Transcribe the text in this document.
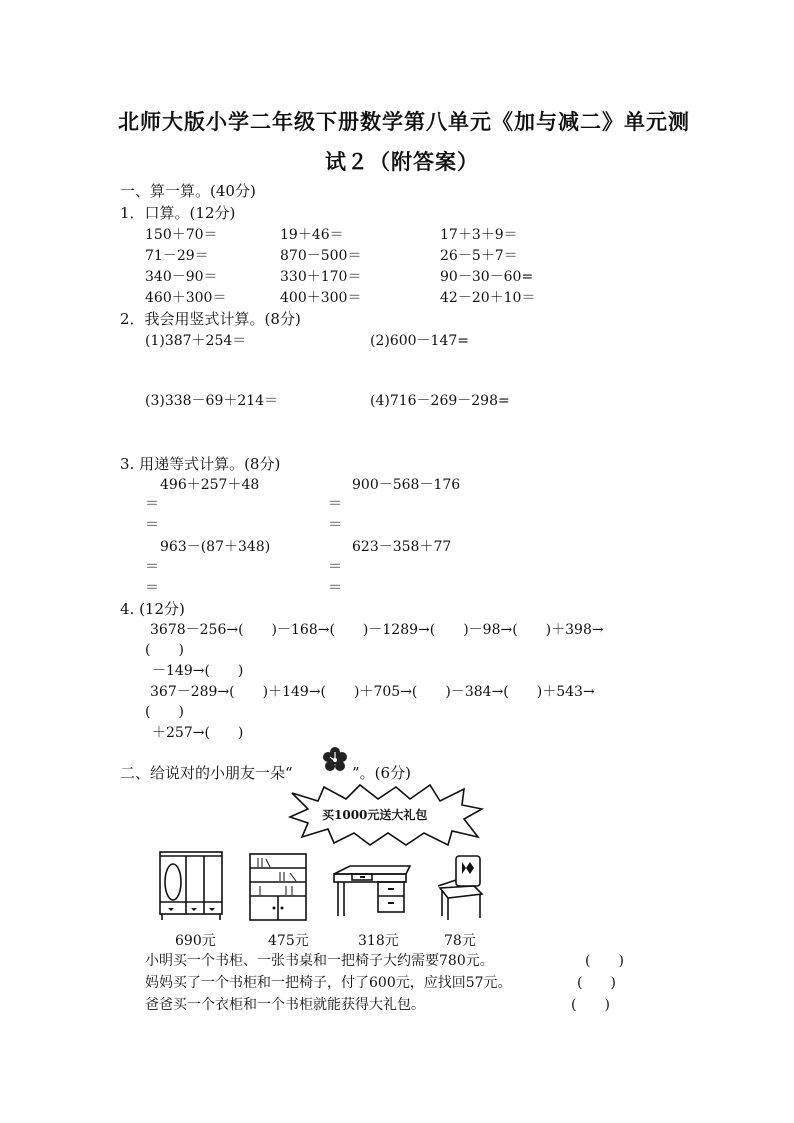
北师大版小学二年级下册数学第八单元《加与减二》单元测
试２（附答案）
一、算一算。(40分)
1．口算。(12分)
150＋70＝	19＋46＝	17＋3＋9＝
71－29＝	870－500＝	26－5＋7＝
340－90＝	330＋170＝	90－30－60=
460＋300＝	400＋300＝	42－20＋10＝
2．我会用竖式计算。(8分)
(1)387＋254＝	(2)600－147=
(3)338－69＋214＝	(4)716－269－298=
3. 用递等式计算。(8分)
496＋257＋48	900－568－176
＝	＝
＝	＝
963－(87＋348)	623－358＋77
＝	＝
＝	＝
4. (12分)
3678－256→(　　)－168→(　　)－1289→(　　)－98→(　　)＋398→
(　　)
－149→(　　)
367－289→(　　)＋149→(　　)＋705→(　　)－384→(　　)＋543→
(　　)
＋257→(　　)
二、给说对的小朋友一朵“	”。(6分)
买1000元送大礼包
690元	475元	318元	78元
小明买一个书柜、一张书桌和一把椅子大约需要780元。	(　　)
妈妈买了一个书柜和一把椅子，付了600元，应找回57元。	(　　)
爸爸买一个衣柜和一个书柜就能获得大礼包。	(　　)
